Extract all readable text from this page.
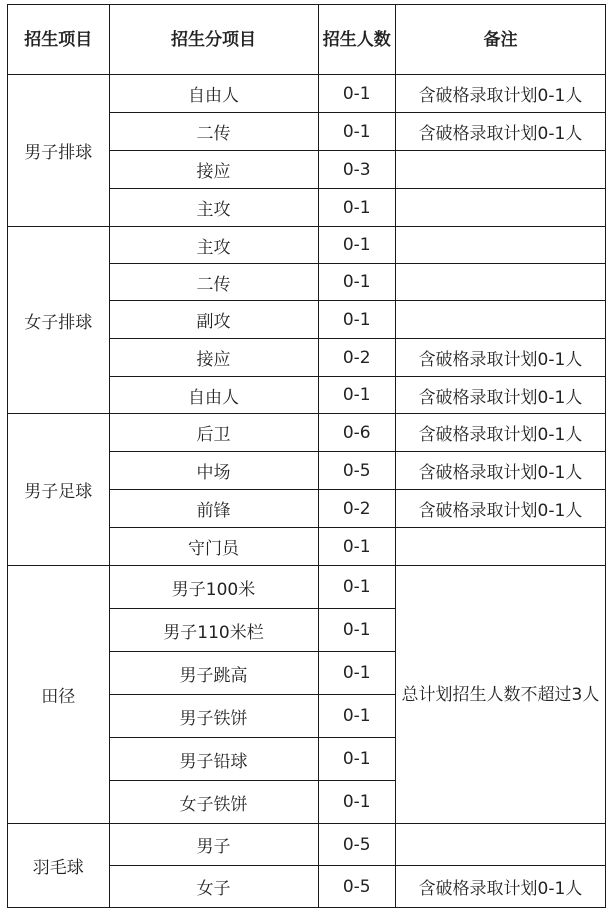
招生项目	招生分项目	招生人数	备注
男子排球	自由人	0-1	含破格录取计划0-1人
	二传	0-1	含破格录取计划0-1人
	接应	0-3	
	主攻	0-1	
女子排球	主攻	0-1	
	二传	0-1	
	副攻	0-1	
	接应	0-2	含破格录取计划0-1人
	自由人	0-1	含破格录取计划0-1人
男子足球	后卫	0-6	含破格录取计划0-1人
	中场	0-5	含破格录取计划0-1人
	前锋	0-2	含破格录取计划0-1人
	守门员	0-1	
田径	男子100米	0-1	总计划招生人数不超过3人
	男子110米栏	0-1	
	男子跳高	0-1	
	男子铁饼	0-1	
	男子铅球	0-1	
	女子铁饼	0-1	
羽毛球	男子	0-5	
	女子	0-5	含破格录取计划0-1人
